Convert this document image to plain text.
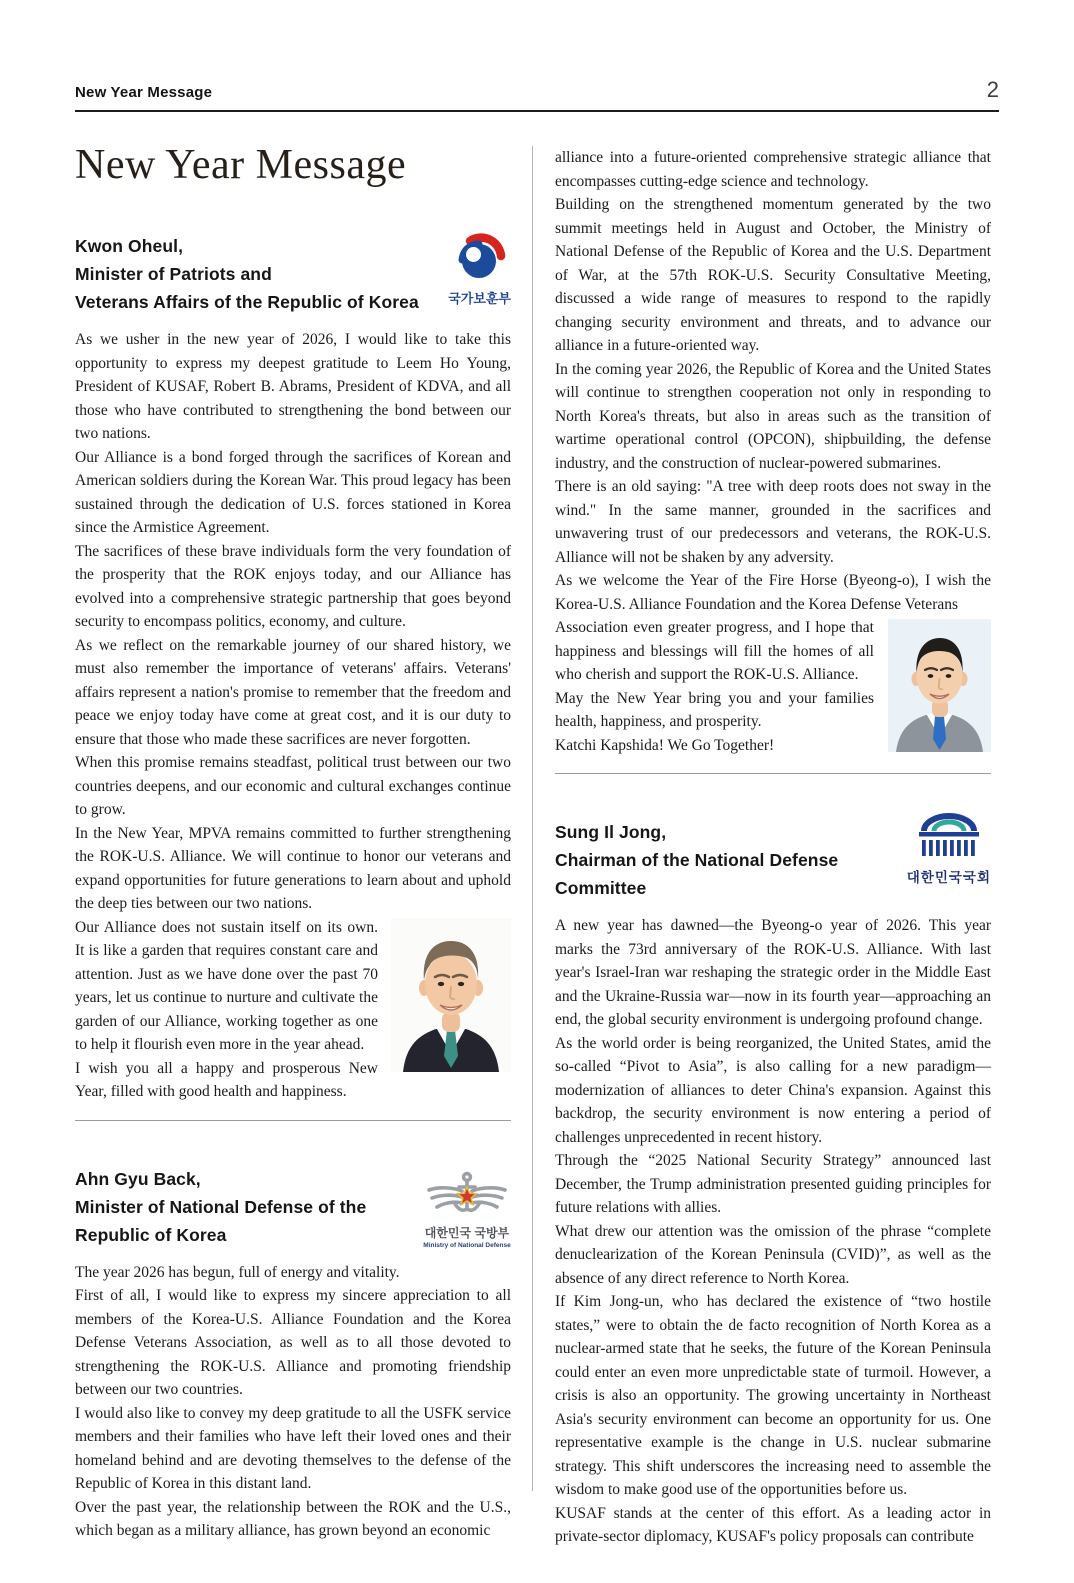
New Year Message	2
New Year Message
Kwon Oheul,
Minister of Patriots and
Veterans Affairs of the Republic of Korea 국가보훈부

As we usher in the new year of 2026, I would like to take this opportunity to express my deepest gratitude to Leem Ho Young, President of KUSAF, Robert B. Abrams, President of KDVA, and all those who have contributed to strengthening the bond between our two nations.

Our Alliance is a bond forged through the sacrifices of Korean and American soldiers during the Korean War. This proud legacy has been sustained through the dedication of U.S. forces stationed in Korea since the Armistice Agreement.

The sacrifices of these brave individuals form the very foundation of the prosperity that the ROK enjoys today, and our Alliance has evolved into a comprehensive strategic partnership that goes beyond security to encompass politics, economy, and culture.

As we reflect on the remarkable journey of our shared history, we must also remember the importance of veterans' affairs. Veterans' affairs represent a nation's promise to remember that the freedom and peace we enjoy today have come at great cost, and it is our duty to ensure that those who made these sacrifices are never forgotten.

When this promise remains steadfast, political trust between our two countries deepens, and our economic and cultural exchanges continue to grow.

In the New Year, MPVA remains committed to further strengthening the ROK-U.S. Alliance. We will continue to honor our veterans and expand opportunities for future generations to learn about and uphold the deep ties between our two nations.

Our Alliance does not sustain itself on its own. It is like a garden that requires constant care and attention. Just as we have done over the past 70 years, let us continue to nurture and cultivate the garden of our Alliance, working together as one to help it flourish even more in the year ahead.

I wish you all a happy and prosperous New Year, filled with good health and happiness.

Ahn Gyu Back,
Minister of National Defense of the
Republic of Korea	대한민국 국방부
Ministry of National Defense

The year 2026 has begun, full of energy and vitality.

First of all, I would like to express my sincere appreciation to all members of the Korea-U.S. Alliance Foundation and the Korea Defense Veterans Association, as well as to all those devoted to strengthening the ROK-U.S. Alliance and promoting friendship between our two countries.

I would also like to convey my deep gratitude to all the USFK service members and their families who have left their loved ones and their homeland behind and are devoting themselves to the defense of the Republic of Korea in this distant land.

Over the past year, the relationship between the ROK and the U.S., which began as a military alliance, has grown beyond an economic

alliance into a future-oriented comprehensive strategic alliance that encompasses cutting-edge science and technology.

Building on the strengthened momentum generated by the two summit meetings held in August and October, the Ministry of National Defense of the Republic of Korea and the U.S. Department of War, at the 57th ROK-U.S. Security Consultative Meeting, discussed a wide range of measures to respond to the rapidly changing security environment and threats, and to advance our alliance in a future-oriented way.

In the coming year 2026, the Republic of Korea and the United States will continue to strengthen cooperation not only in responding to North Korea's threats, but also in areas such as the transition of wartime operational control (OPCON), shipbuilding, the defense industry, and the construction of nuclear-powered submarines.

There is an old saying: "A tree with deep roots does not sway in the wind." In the same manner, grounded in the sacrifices and unwavering trust of our predecessors and veterans, the ROK-U.S. Alliance will not be shaken by any adversity.

As we welcome the Year of the Fire Horse (Byeong-o), I wish the Korea-U.S. Alliance Foundation and the Korea Defense Veterans

Association even greater progress, and I hope that happiness and blessings will fill the homes of all who cherish and support the ROK-U.S. Alliance.

May the New Year bring you and your families health, happiness, and prosperity.

Katchi Kapshida! We Go Together!

Sung Il Jong,
Chairman of the National Defense Committee
대한민국국회

A new year has dawned—the Byeong-o year of 2026. This year marks the 73rd anniversary of the ROK-U.S. Alliance. With last year's Israel-Iran war reshaping the strategic order in the Middle East and the Ukraine-Russia war—now in its fourth year—approaching an end, the global security environment is undergoing profound change.

As the world order is being reorganized, the United States, amid the so-called “Pivot to Asia”, is also calling for a new paradigm—modernization of alliances to deter China's expansion. Against this backdrop, the security environment is now entering a period of challenges unprecedented in recent history.

Through the “2025 National Security Strategy” announced last December, the Trump administration presented guiding principles for future relations with allies.

What drew our attention was the omission of the phrase “complete denuclearization of the Korean Peninsula (CVID)”, as well as the absence of any direct reference to North Korea.

If Kim Jong-un, who has declared the existence of “two hostile states,” were to obtain the de facto recognition of North Korea as a nuclear-armed state that he seeks, the future of the Korean Peninsula could enter an even more unpredictable state of turmoil. However, a crisis is also an opportunity. The growing uncertainty in Northeast Asia's security environment can become an opportunity for us. One representative example is the change in U.S. nuclear submarine strategy. This shift underscores the increasing need to assemble the wisdom to make good use of the opportunities before us.

KUSAF stands at the center of this effort. As a leading actor in private-sector diplomacy, KUSAF's policy proposals can contribute
